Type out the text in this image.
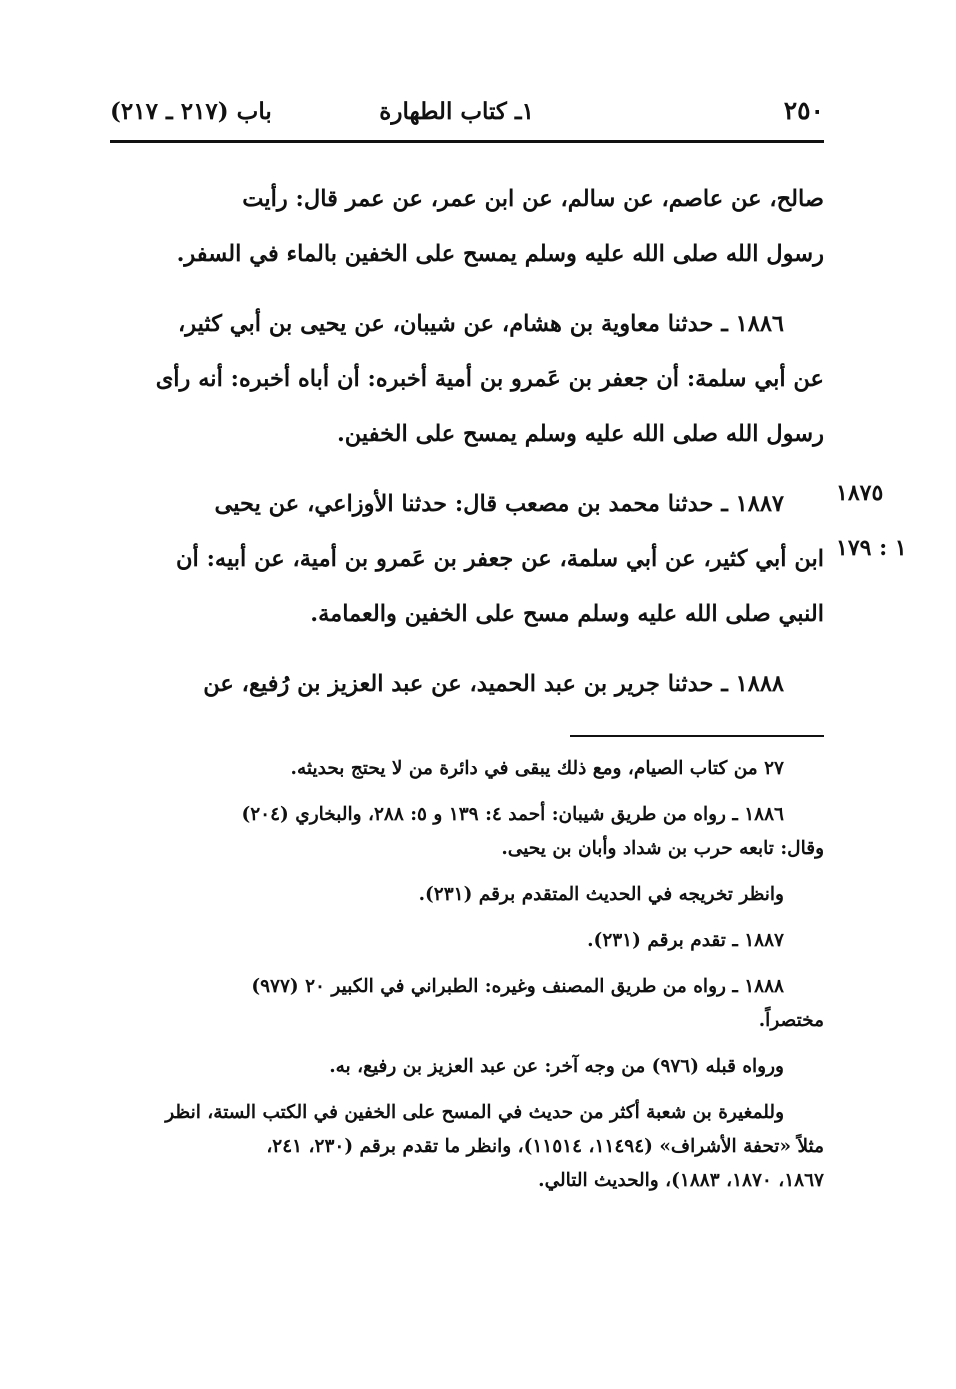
٢٥٠
١ـ كتاب الطهارة
باب (٢١٧ ـ ٢١٧)

صالح، عن عاصم، عن سالم، عن ابن عمر، عن عمر قال: رأيت

رسول الله صلى الله عليه وسلم يمسح على الخفين بالماء في السفر.

١٨٨٦ ـ حدثنا معاوية بن هشام، عن شيبان، عن يحيى بن أبي كثير،

عن أبي سلمة: أن جعفر بن عَمرو بن أمية أخبره: أن أباه أخبره: أنه رأى

رسول الله صلى الله عليه وسلم يمسح على الخفين.

١٨٨٧ ـ حدثنا محمد بن مصعب قال: حدثنا الأوزاعي، عن يحيى

ابن أبي كثير، عن أبي سلمة، عن جعفر بن عَمرو بن أمية، عن أبيه: أن

النبي صلى الله عليه وسلم مسح على الخفين والعمامة.

١٨٨٨ ـ حدثنا جرير بن عبد الحميد، عن عبد العزيز بن رُفيع، عن

١٨٧٥
١ : ١٧٩

٢٧ من كتاب الصيام، ومع ذلك يبقى في دائرة من لا يحتج بحديثه.

١٨٨٦ ـ رواه من طريق شيبان: أحمد ٤: ١٣٩ و ٥: ٢٨٨، والبخاري (٢٠٤)
وقال: تابعه حرب بن شداد وأبان بن يحيى.

وانظر تخريجه في الحديث المتقدم برقم (٢٣١).

١٨٨٧ ـ تقدم برقم (٢٣١).

١٨٨٨ ـ رواه من طريق المصنف وغيره: الطبراني في الكبير ٢٠ (٩٧٧)
مختصراً.

ورواه قبله (٩٧٦) من وجه آخر: عن عبد العزيز بن رفيع، به.

وللمغيرة بن شعبة أكثر من حديث في المسح على الخفين في الكتب الستة، انظر
مثلاً «تحفة الأشراف» (١١٤٩٤، ١١٥١٤)، وانظر ما تقدم برقم (٢٣٠، ٢٤١،
١٨٦٧، ١٨٧٠، ١٨٨٣)، والحديث التالي.
